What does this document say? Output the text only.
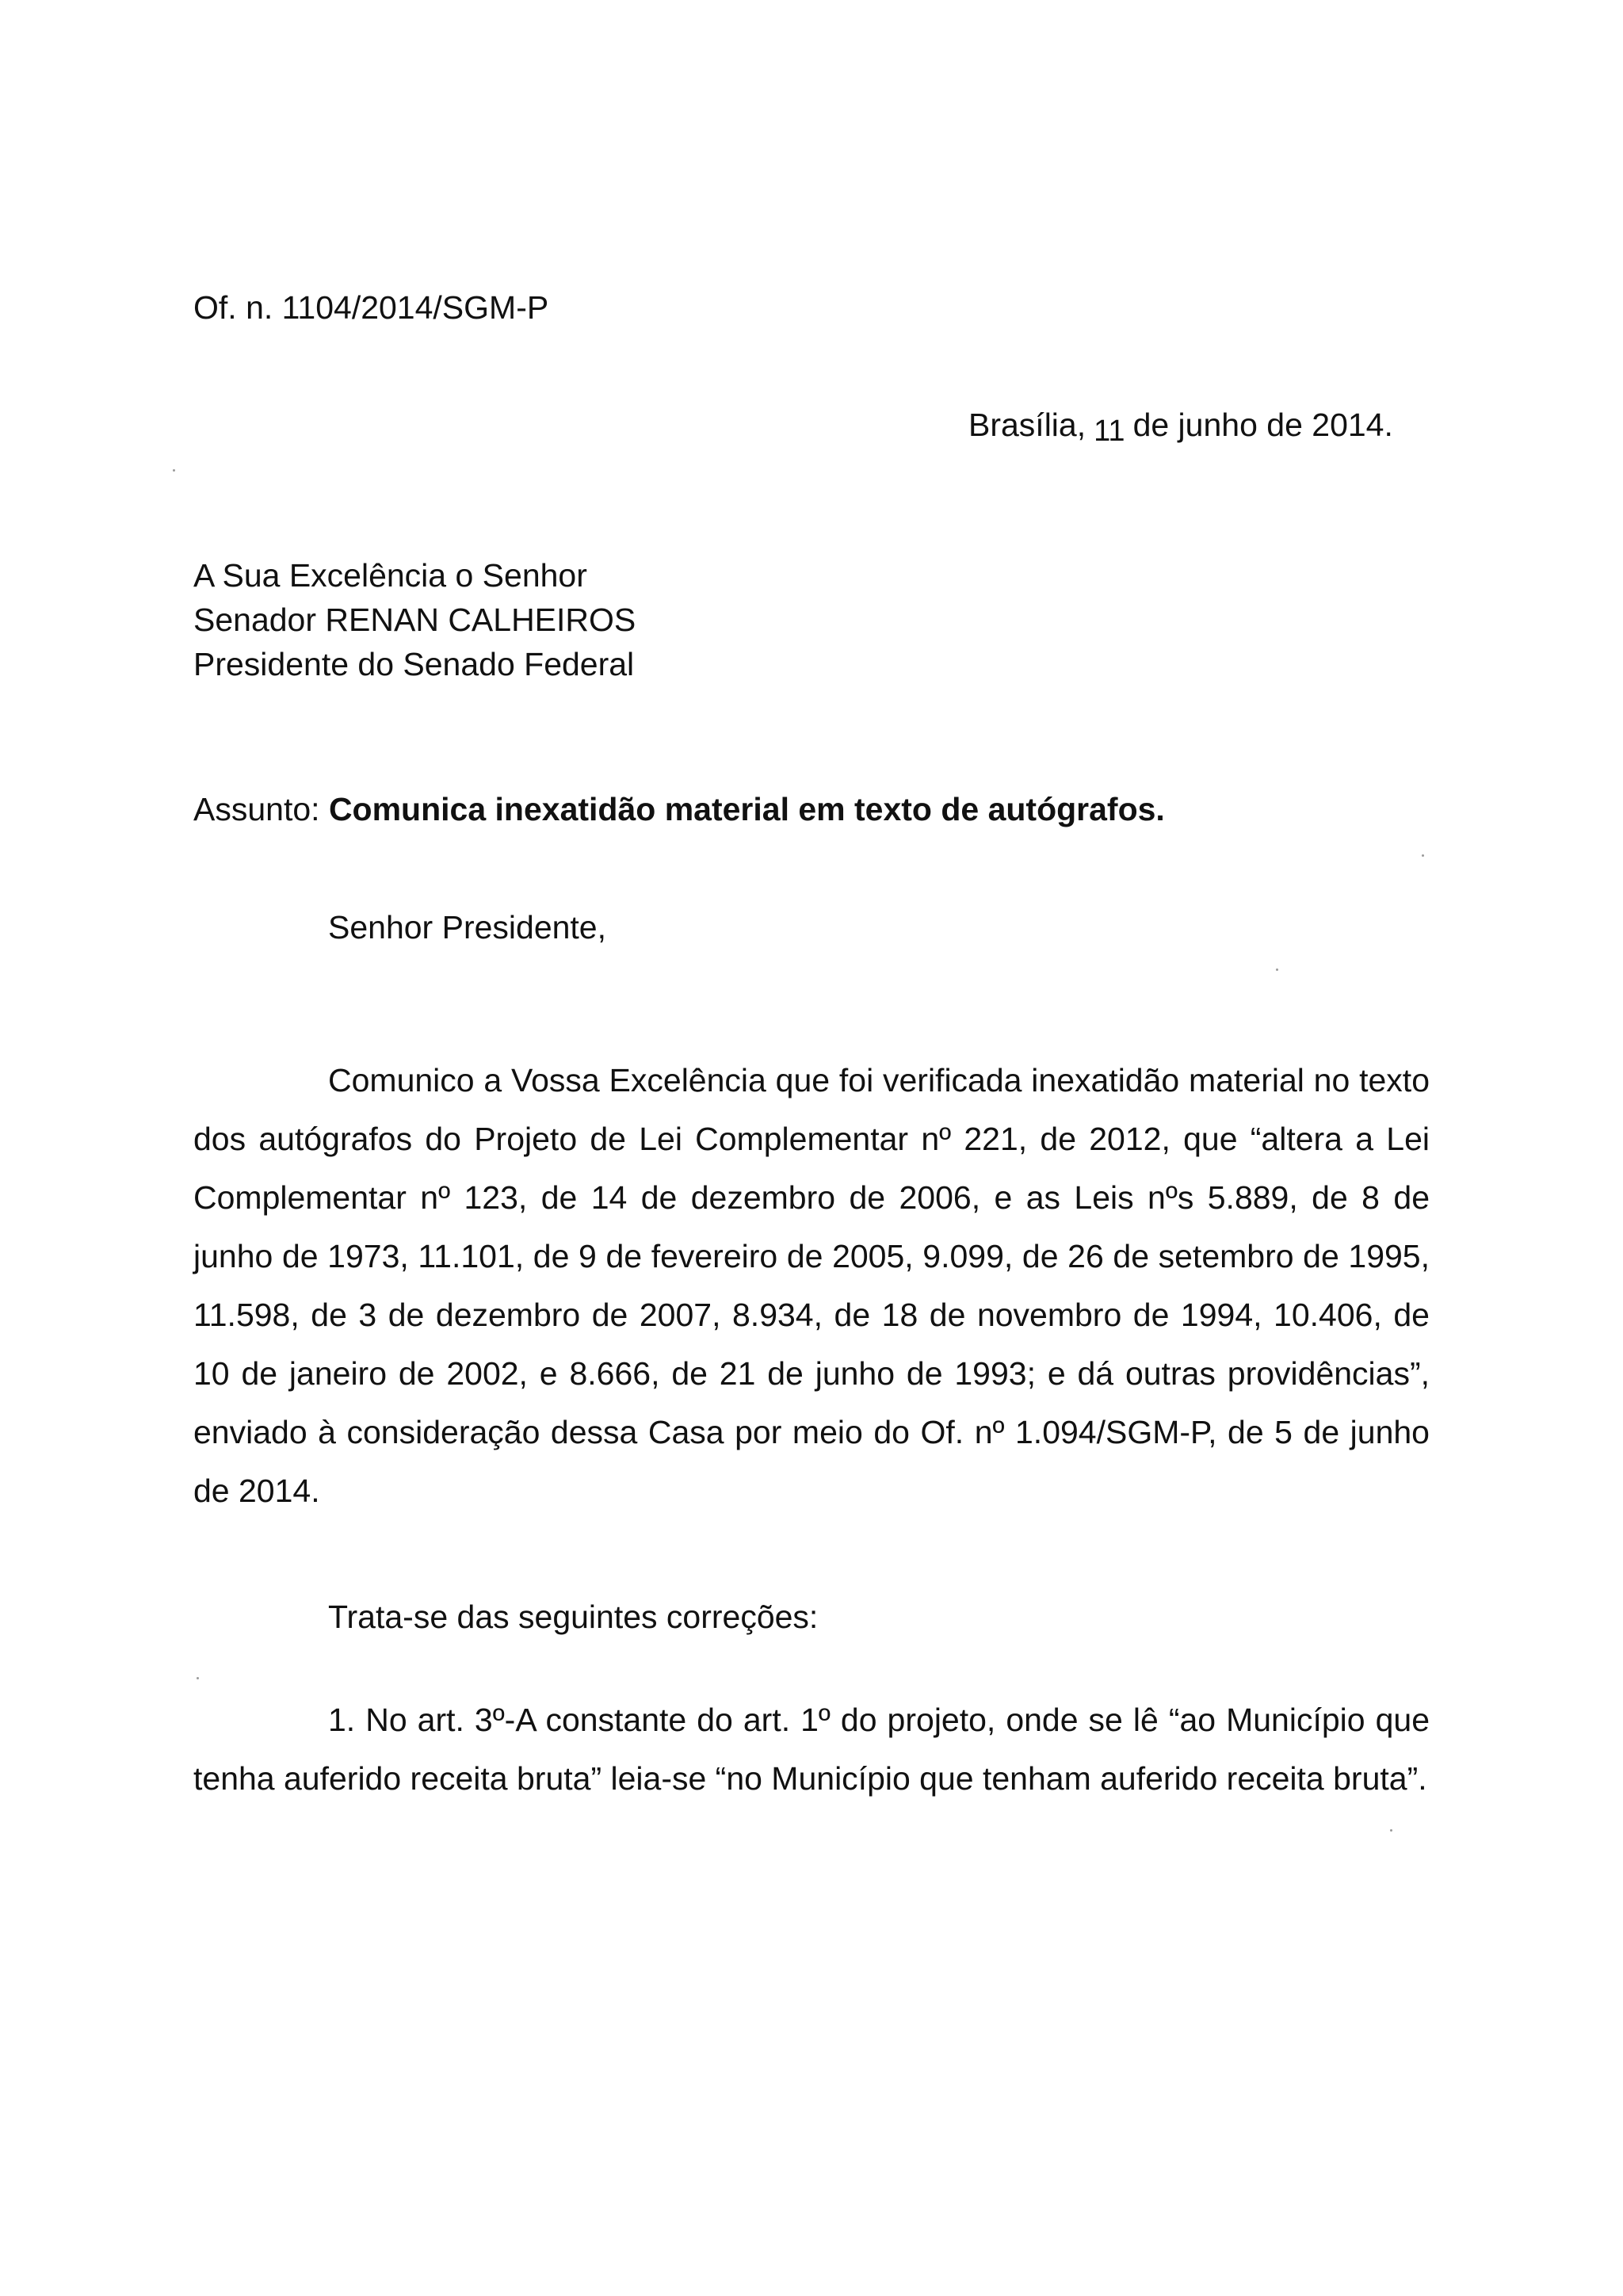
Of. n. 1104/2014/SGM-P
Brasília, 11 de junho de 2014.
A Sua Excelência o Senhor
Senador RENAN CALHEIROS
Presidente do Senado Federal
Assunto: Comunica inexatidão material em texto de autógrafos.
Senhor Presidente,

Comunico a Vossa Excelência que foi verificada inexatidão material no texto dos autógrafos do Projeto de Lei Complementar nº 221, de 2012, que “altera a Lei Complementar nº 123, de 14 de dezembro de 2006, e as Leis nºs 5.889, de 8 de junho de 1973, 11.101, de 9 de fevereiro de 2005, 9.099, de 26 de setembro de 1995, 11.598, de 3 de dezembro de 2007, 8.934, de 18 de novembro de 1994, 10.406, de 10 de janeiro de 2002, e 8.666, de 21 de junho de 1993; e dá outras providências”, enviado à consideração dessa Casa por meio do Of. nº 1.094/SGM-P, de 5 de junho de 2014.

Trata-se das seguintes correções:

1. No art. 3º-A constante do art. 1º do projeto, onde se lê “ao Município que tenha auferido receita bruta” leia-se “no Município que tenham auferido receita bruta”.
